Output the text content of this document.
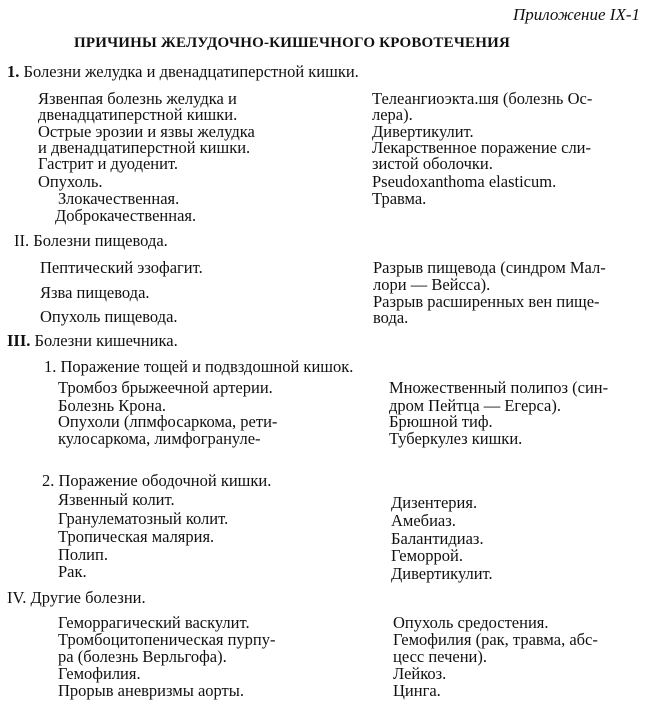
Приложение IX-1
ПРИЧИНЫ ЖЕЛУДОЧНО-КИШЕЧНОГО КРОВОТЕЧЕНИЯ
1. Болезни желудка и двенадцатиперстной кишки.
Язвенпая болезнь желудка и
двенадцатиперстной кишки.
Острые эрозии и язвы желудка
и двенадцатиперстной кишки.
Гастрит и дуоденит.
Опухоль.
Злокачественная.
Доброкачественная.
Телеангиоэкта.шя (болезнь Ос-
лера).
Дивертикулит.
Лекарственное поражение сли-
зистой оболочки.
Pseudoxanthoma elasticum.
Травма.
II. Болезни пищевода.
Пептический эзофагит.
Язва пищевода.
Опухоль пищевода.
Разрыв пищевода (синдром Мал-
лори — Вейсса).
Разрыв расширенных вен пище-
вода.
III. Болезни кишечника.
1. Поражение тощей и подвздошной кишок.
Тромбоз брыжеечной артерии.
Болезнь Крона.
Опухоли (лпмфосаркома, рети-
кулосаркома, лимфогрануле-
Множественный полипоз (син-
дром Пейтца — Егерса).
Брюшной тиф.
Туберкулез кишки.
2. Поражение ободочной кишки.
Язвенный колит.
Гранулематозный колит.
Тропическая малярия.
Полип.
Рак.
Дизентерия.
Амебиаз.
Балантидиаз.
Геморрой.
Дивертикулит.
IV. Другие болезни.
Геморрагический васкулит.
Тромбоцитопеническая пурпу-
ра (болезнь Верльгофа).
Гемофилия.
Прорыв аневризмы аорты.
Опухоль средостения.
Гемофилия (рак, травма, абс-
цесс печени).
Лейкоз.
Цинга.
